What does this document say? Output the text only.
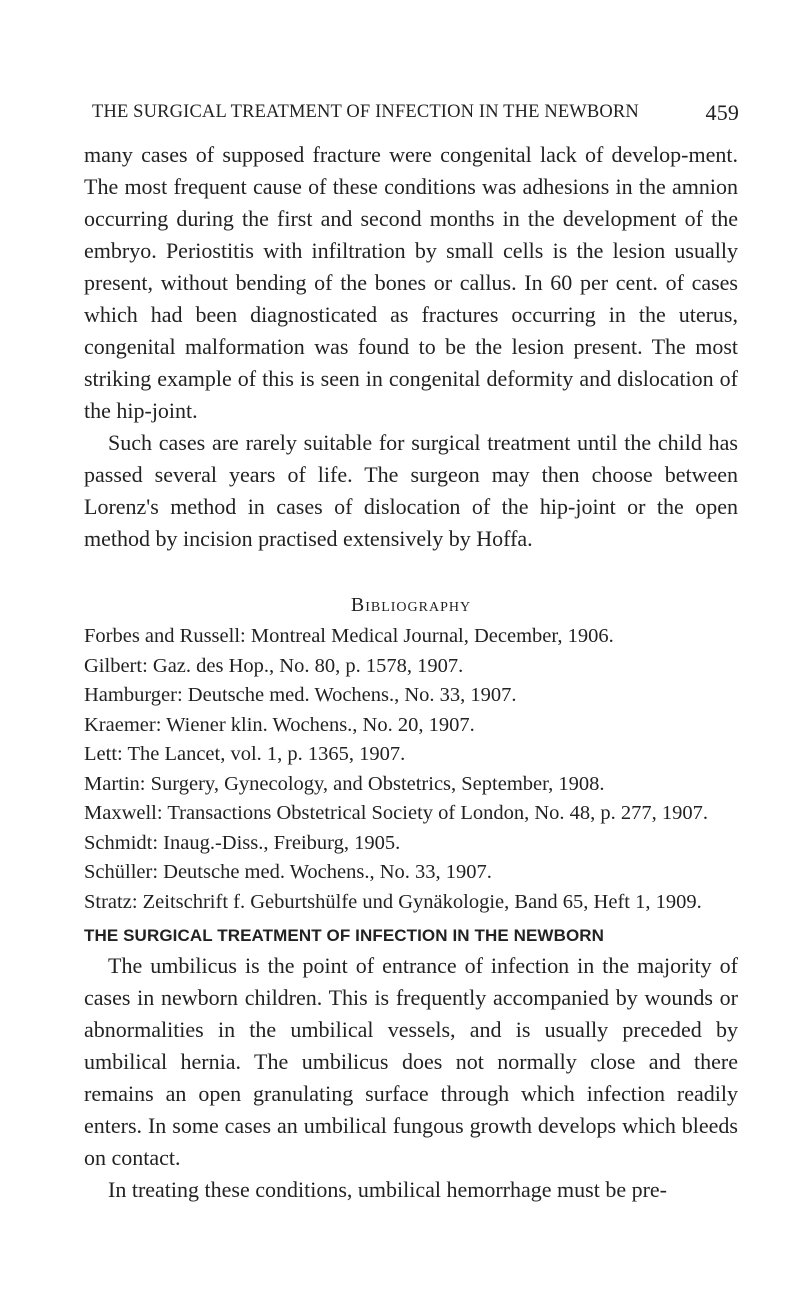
THE SURGICAL TREATMENT OF INFECTION IN THE NEWBORN	459

many cases of supposed fracture were congenital lack of develop-ment. The most frequent cause of these conditions was adhesions in the amnion occurring during the first and second months in the development of the embryo. Periostitis with infiltration by small cells is the lesion usually present, without bending of the bones or callus. In 60 per cent. of cases which had been diagnosticated as fractures occurring in the uterus, congenital malformation was found to be the lesion present. The most striking example of this is seen in congenital deformity and dislocation of the hip-joint.

Such cases are rarely suitable for surgical treatment until the child has passed several years of life. The surgeon may then choose between Lorenz's method in cases of dislocation of the hip-joint or the open method by incision practised extensively by Hoffa.

Bibliography
Forbes and Russell: Montreal Medical Journal, December, 1906.
Gilbert: Gaz. des Hop., No. 80, p. 1578, 1907.
Hamburger: Deutsche med. Wochens., No. 33, 1907.
Kraemer: Wiener klin. Wochens., No. 20, 1907.
Lett: The Lancet, vol. 1, p. 1365, 1907.
Martin: Surgery, Gynecology, and Obstetrics, September, 1908.
Maxwell: Transactions Obstetrical Society of London, No. 48, p. 277, 1907.
Schmidt: Inaug.-Diss., Freiburg, 1905.
Schüller: Deutsche med. Wochens., No. 33, 1907.
Stratz: Zeitschrift f. Geburtshülfe und Gynäkologie, Band 65, Heft 1, 1909.
THE SURGICAL TREATMENT OF INFECTION IN THE NEWBORN

The umbilicus is the point of entrance of infection in the majority of cases in newborn children. This is frequently accompanied by wounds or abnormalities in the umbilical vessels, and is usually preceded by umbilical hernia. The umbilicus does not normally close and there remains an open granulating surface through which infection readily enters. In some cases an umbilical fungous growth develops which bleeds on contact.

In treating these conditions, umbilical hemorrhage must be pre-
